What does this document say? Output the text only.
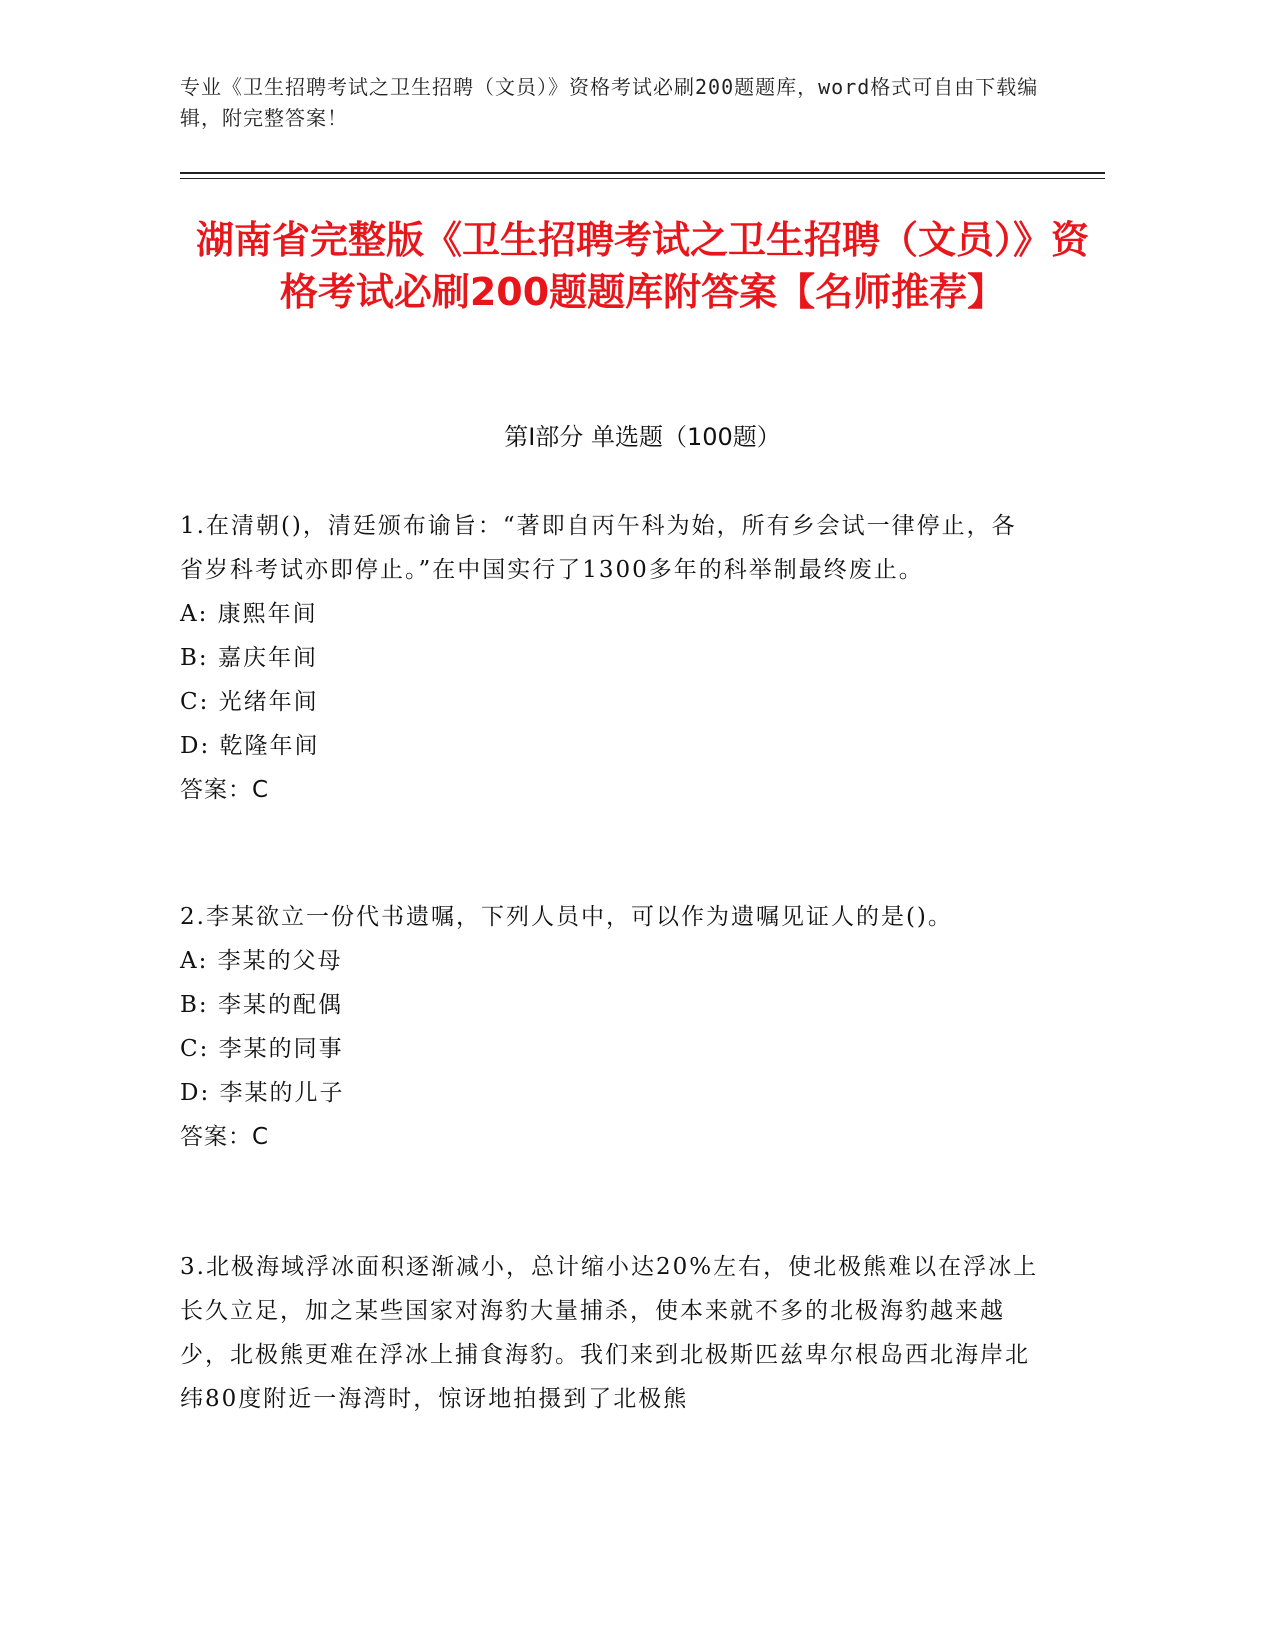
专业《卫生招聘考试之卫生招聘（文员）》资格考试必刷200题题库，word格式可自由下载编辑，附完整答案！
湖南省完整版《卫生招聘考试之卫生招聘（文员）》资格考试必刷200题题库附答案【名师推荐】
第I部分 单选题（100题）
1.在清朝()，清廷颁布谕旨：“著即自丙午科为始，所有乡会试一律停止，各省岁科考试亦即停止。”在中国实行了1300多年的科举制最终废止。
A: 康熙年间
B: 嘉庆年间
C: 光绪年间
D: 乾隆年间
答案：C
2.李某欲立一份代书遗嘱，下列人员中，可以作为遗嘱见证人的是()。
A: 李某的父母
B: 李某的配偶
C: 李某的同事
D: 李某的儿子
答案：C
3.北极海域浮冰面积逐渐减小，总计缩小达20%左右，使北极熊难以在浮冰上长久立足，加之某些国家对海豹大量捕杀，使本来就不多的北极海豹越来越少，北极熊更难在浮冰上捕食海豹。我们来到北极斯匹兹卑尔根岛西北海岸北纬80度附近一海湾时，惊讶地拍摄到了北极熊
